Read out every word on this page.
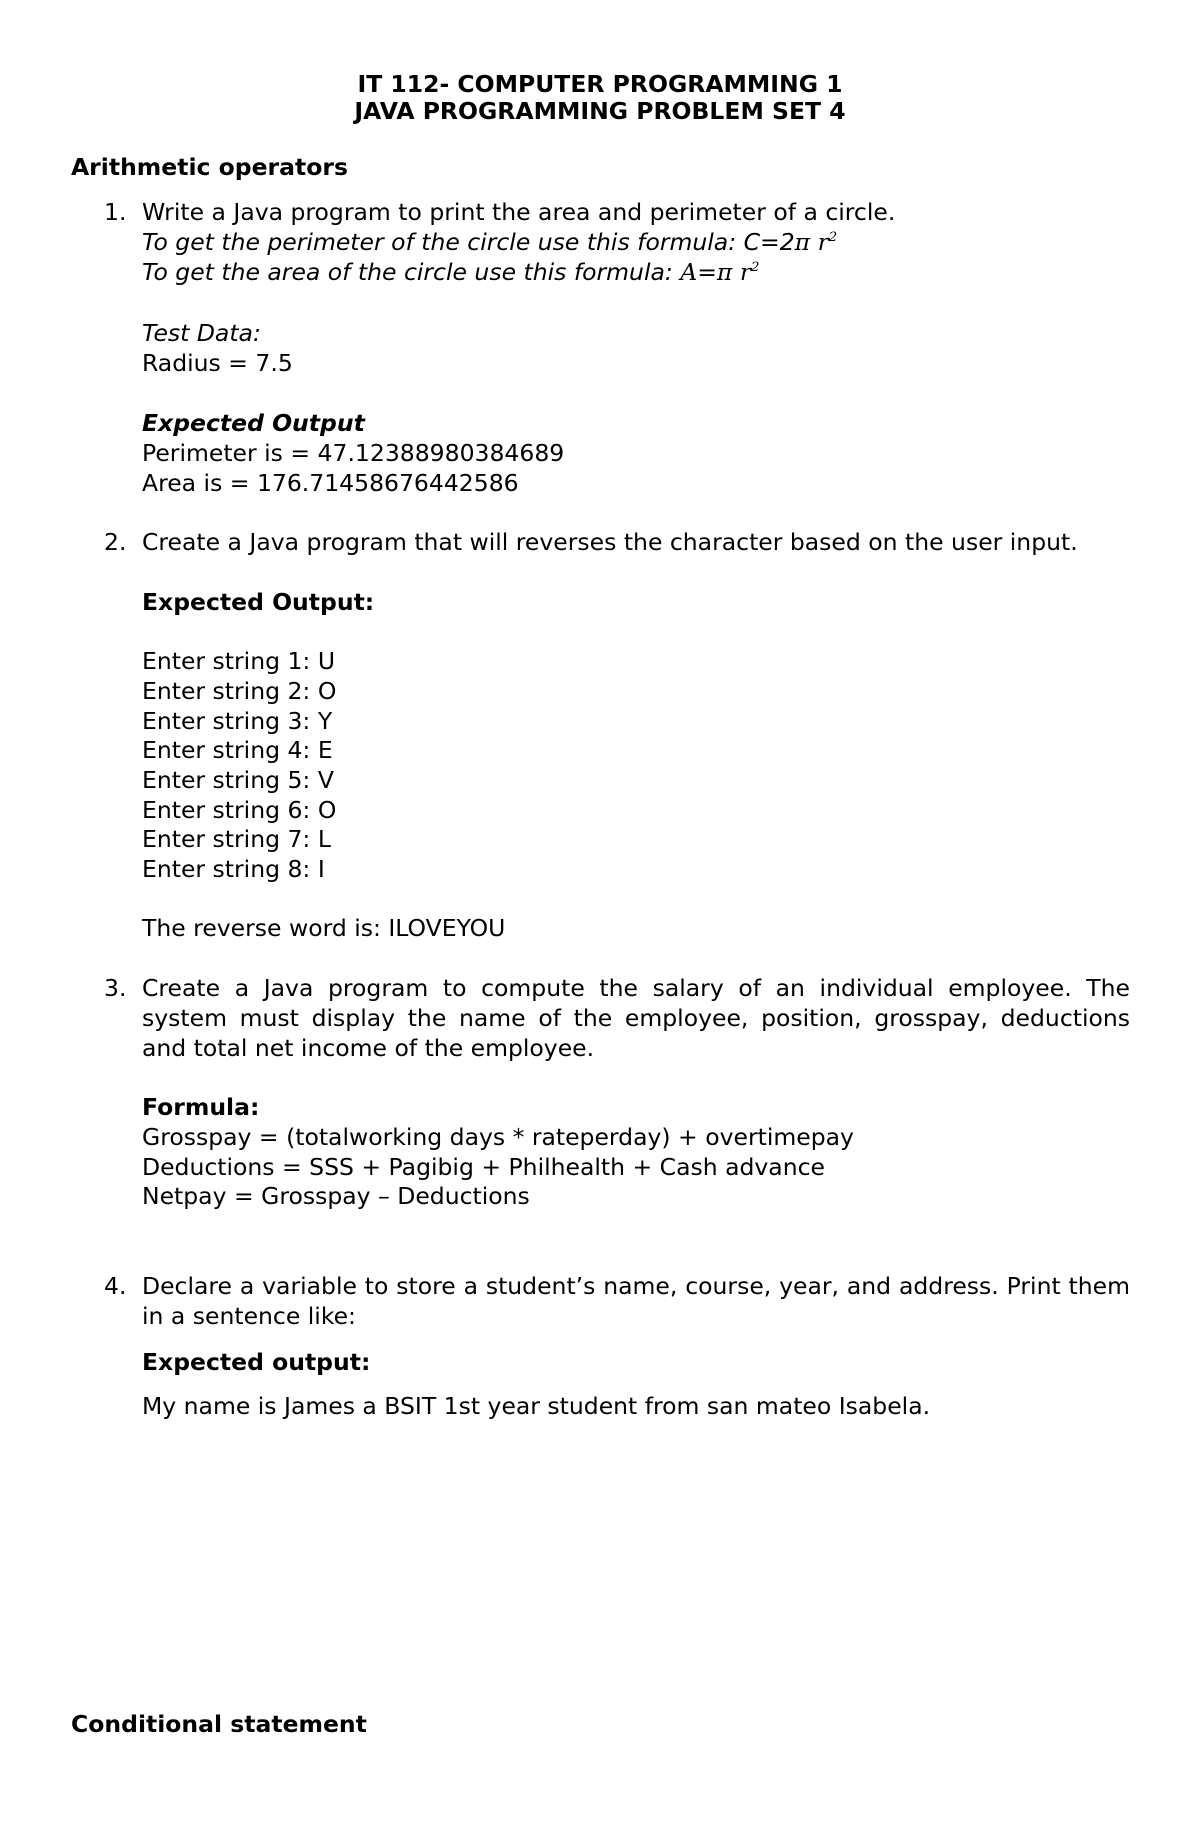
IT 112- COMPUTER PROGRAMMING 1
JAVA PROGRAMMING PROBLEM SET 4
Arithmetic operators
1. Write a Java program to print the area and perimeter of a circle.
To get the perimeter of the circle use this formula: C=2π $r^2$
To get the area of the circle use this formula: A=π $r^2$
Test Data:
Radius = 7.5
Expected Output
Perimeter is = 47.12388980384689
Area is = 176.71458676442586
2. Create a Java program that will reverses the character based on the user input.
Expected Output:
Enter string 1: U
Enter string 2: O
Enter string 3: Y
Enter string 4: E
Enter string 5: V
Enter string 6: O
Enter string 7: L
Enter string 8: I
The reverse word is: ILOVEYOU
3. Create a Java program to compute the salary of an individual employee. The
system must display the name of the employee, position, grosspay, deductions
and total net income of the employee.
Formula:
Grosspay = (totalworking days * rateperday) + overtimepay
Deductions = SSS + Pagibig + Philhealth + Cash advance
Netpay = Grosspay – Deductions
4. Declare a variable to store a student’s name, course, year, and address. Print them
in a sentence like:
Expected output:
My name is James a BSIT 1st year student from san mateo Isabela.
Conditional statement
